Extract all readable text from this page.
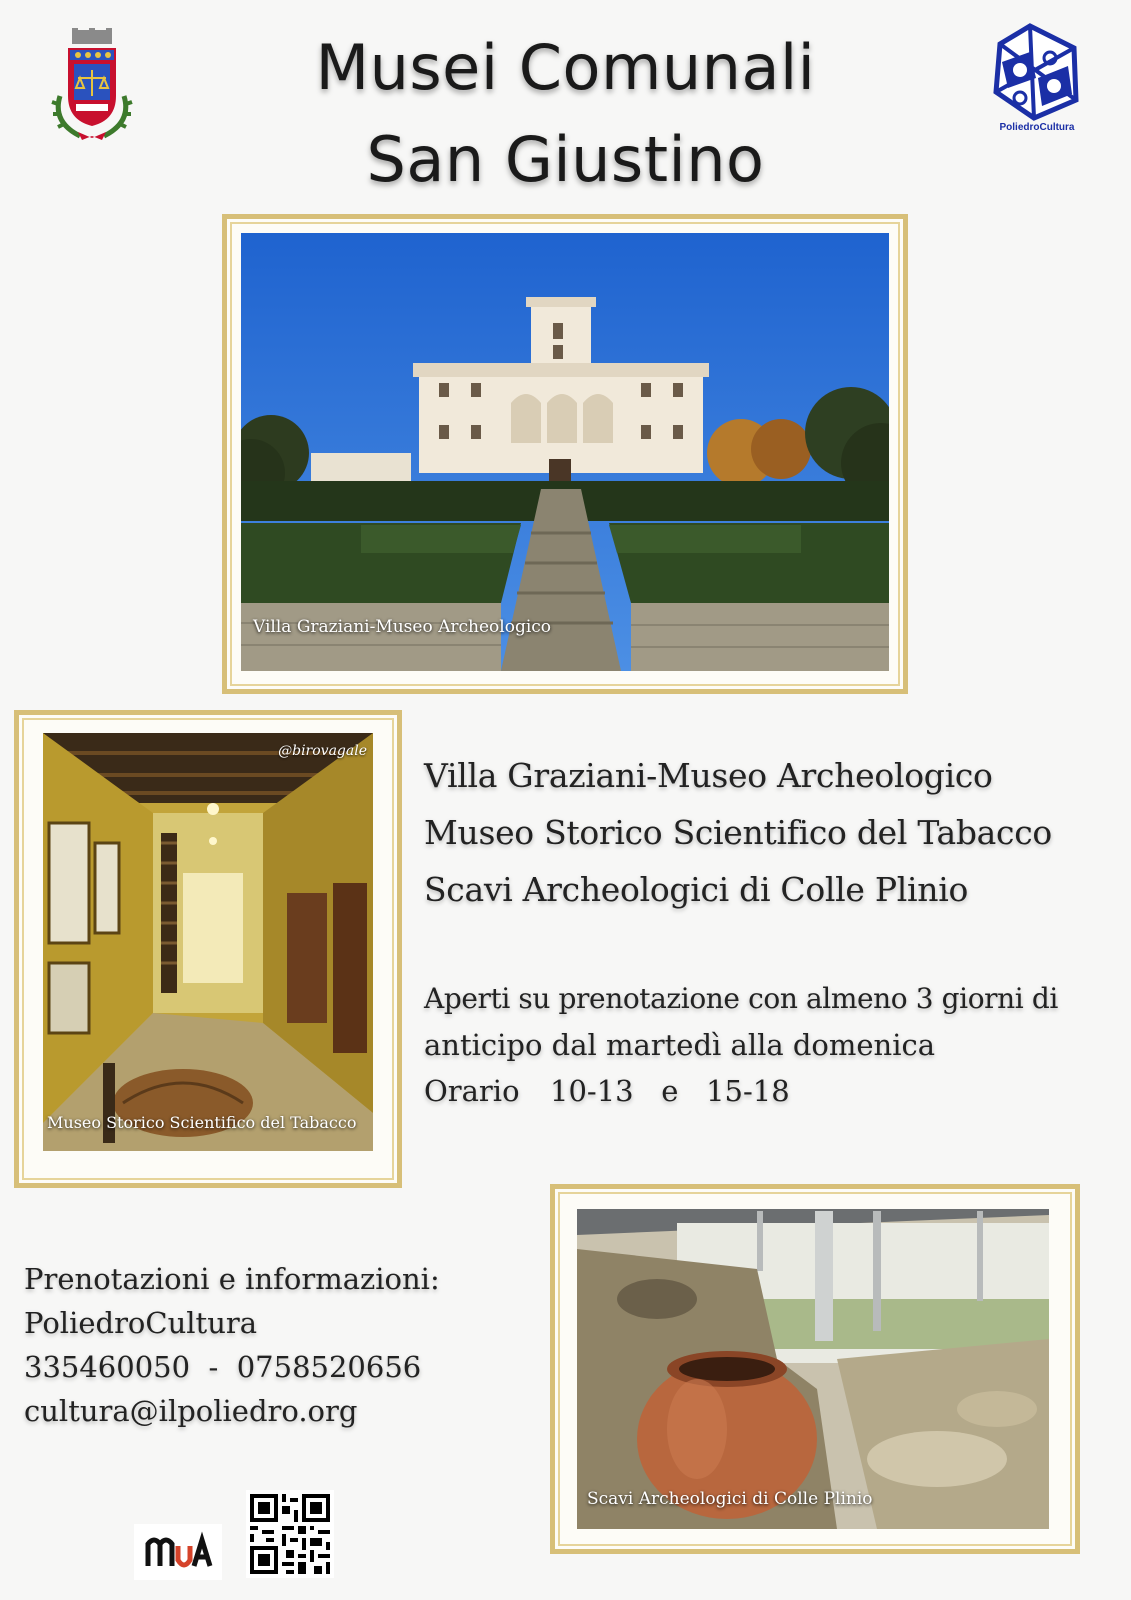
PoliedroCultura
Musei Comunali
San Giustino
Villa Graziani-Museo Archeologico
@birovagale
Museo Storico Scientifico del Tabacco
Villa Graziani-Museo Archeologico
Museo Storico Scientifico del Tabacco
Scavi Archeologici di Colle Plinio
Aperti su prenotazione con almeno 3 giorni di
anticipo dal martedì alla domenica
Orario 10-13   e   15-18
Scavi Archeologici di Colle Plinio
Prenotazioni e informazioni:
PoliedroCultura
335460050  -  0758520656
cultura@ilpoliedro.org
